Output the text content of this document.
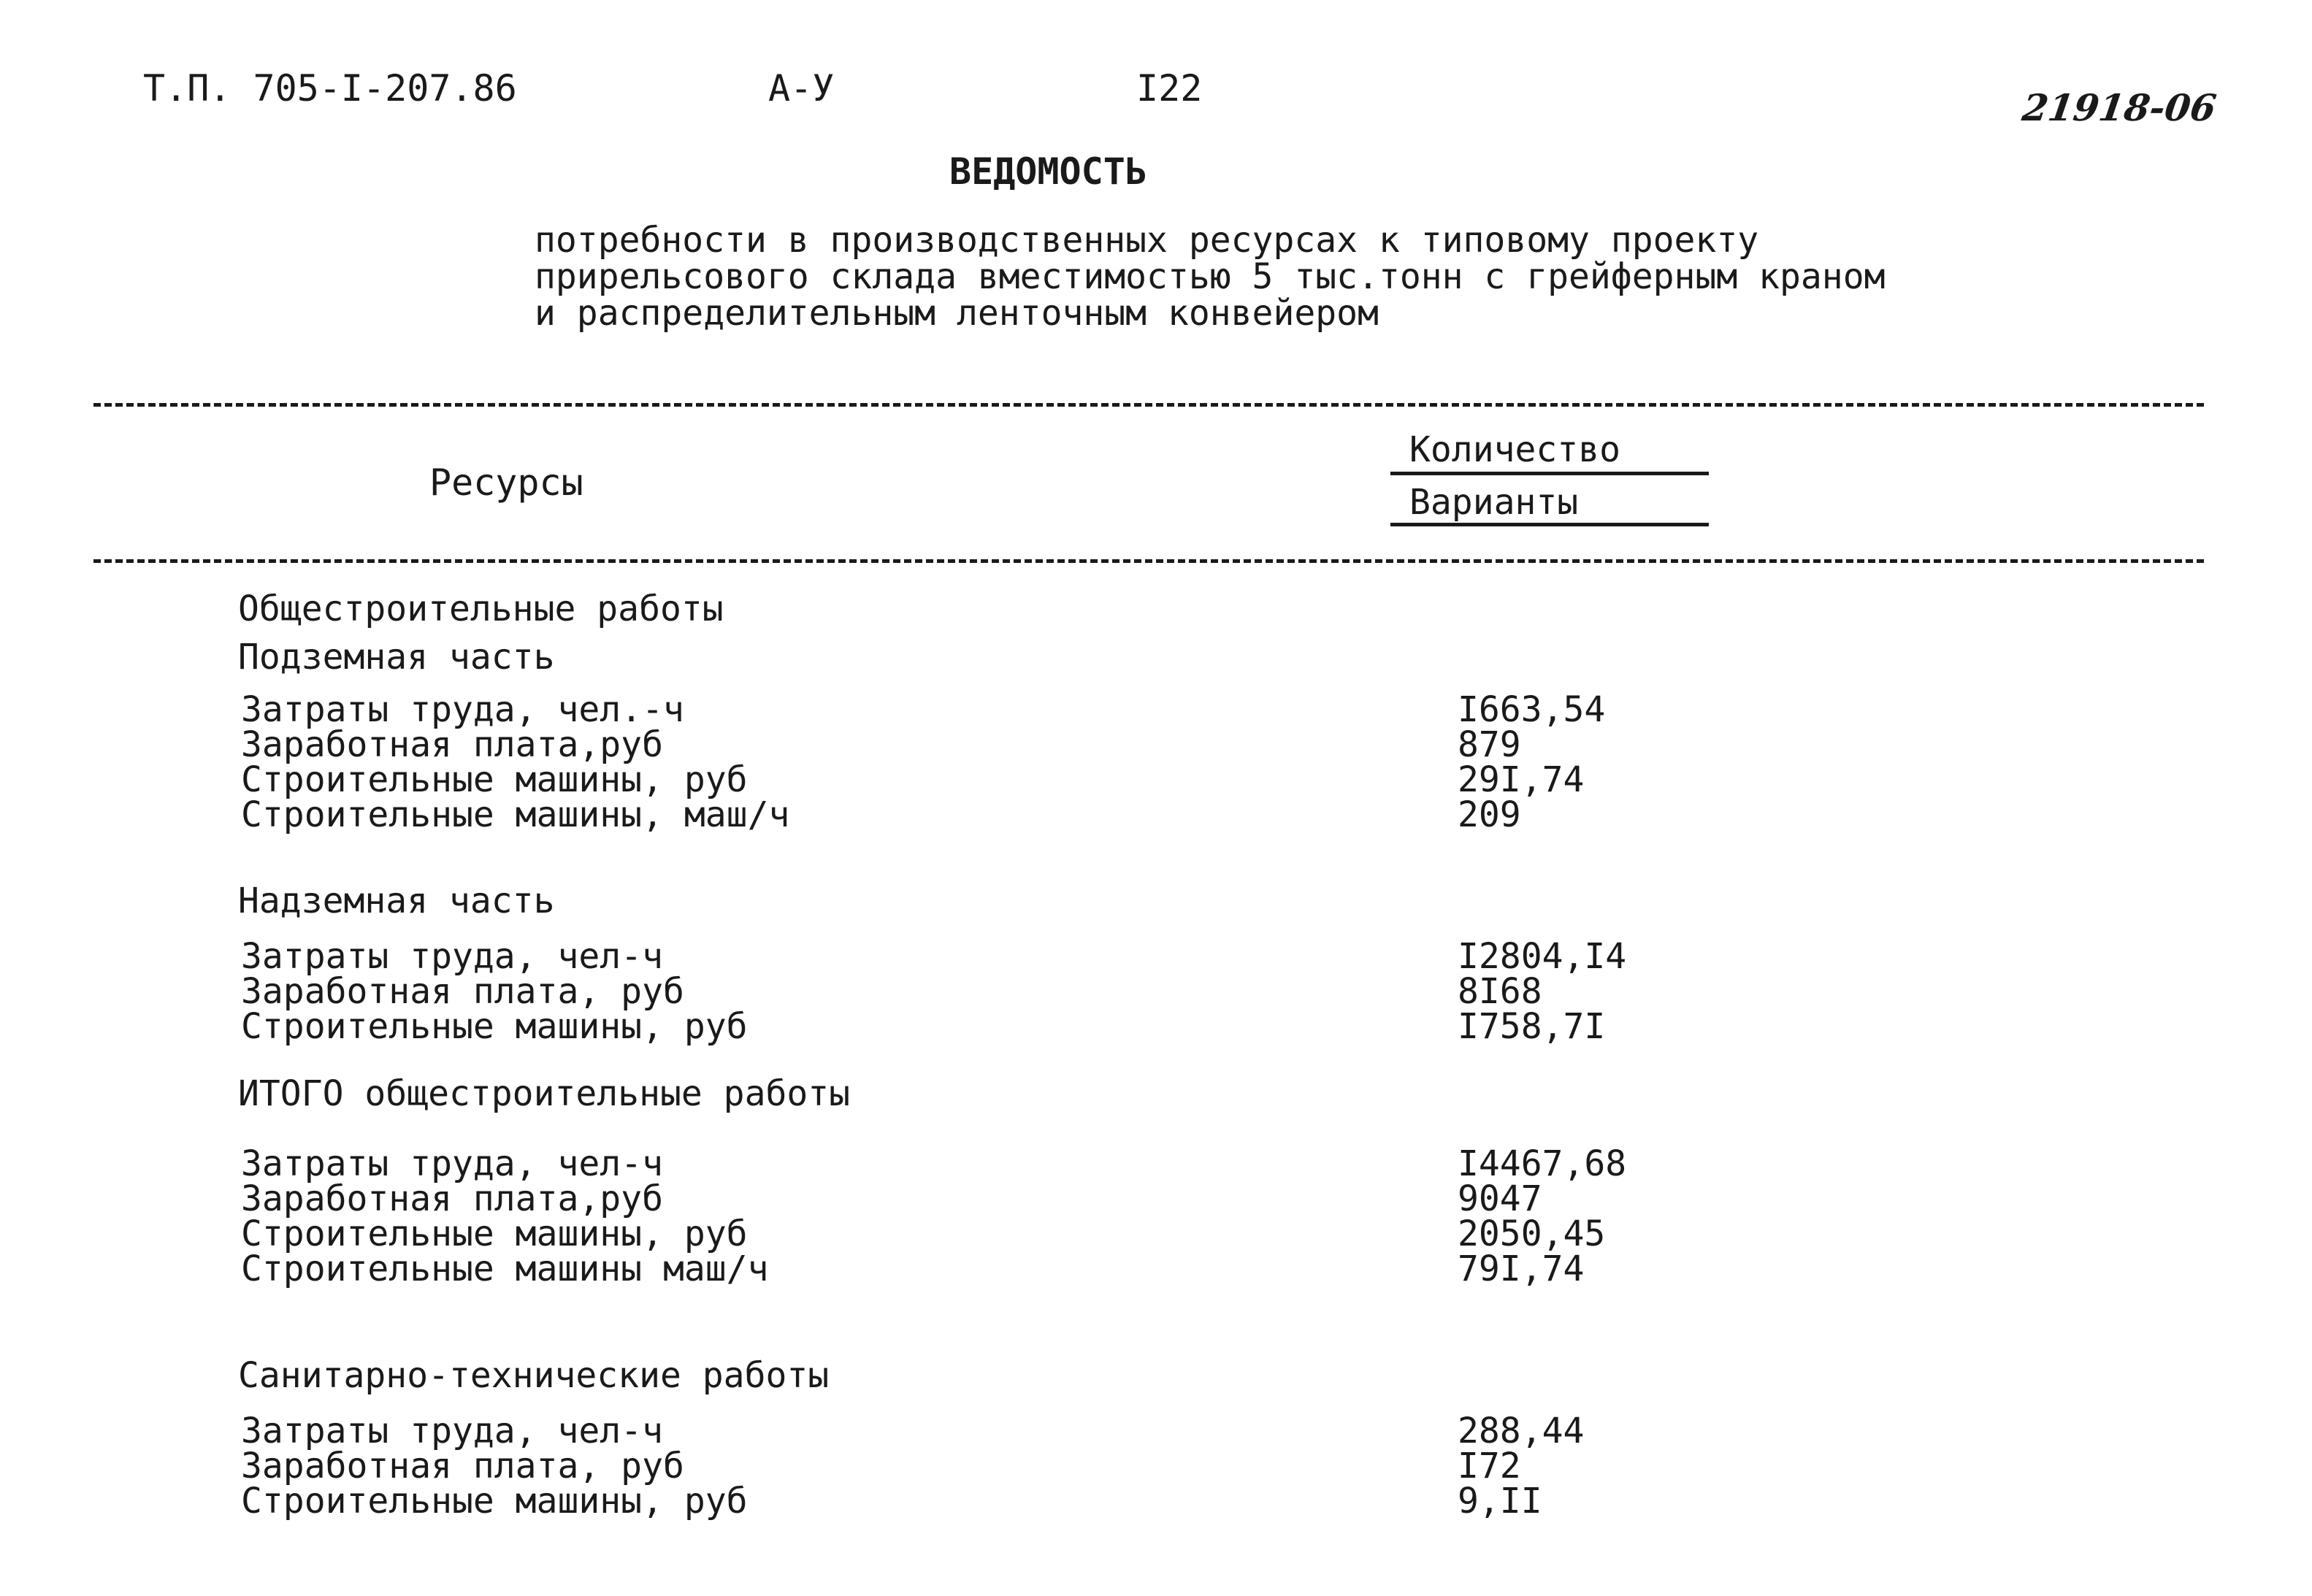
Т.П. 705-I-207.86	А-У	I22	21918-06
ВЕДОМОСТЬ
потребности в производственных ресурсах к типовому проекту
прирельсового склада вместимостью 5 тыс.тонн с грейферным краном
и распределительным ленточным конвейером
Ресурсы
Количество
Варианты
Общестроительные работы
Подземная часть
Затраты труда, чел.-ч	I663,54
Заработная плата,руб	879
Строительные машины, руб	29I,74
Строительные машины, маш/ч	209
Надземная часть
Затраты труда, чел-ч	I2804,I4
Заработная плата, руб	8I68
Строительные машины, руб	I758,7I
ИТОГО общестроительные работы
Затраты труда, чел-ч	I4467,68
Заработная плата,руб	9047
Строительные машины, руб	2050,45
Строительные машины маш/ч	79I,74
Санитарно-технические работы
Затраты труда, чел-ч	288,44
Заработная плата, руб	I72
Строительные машины, руб	9,II
